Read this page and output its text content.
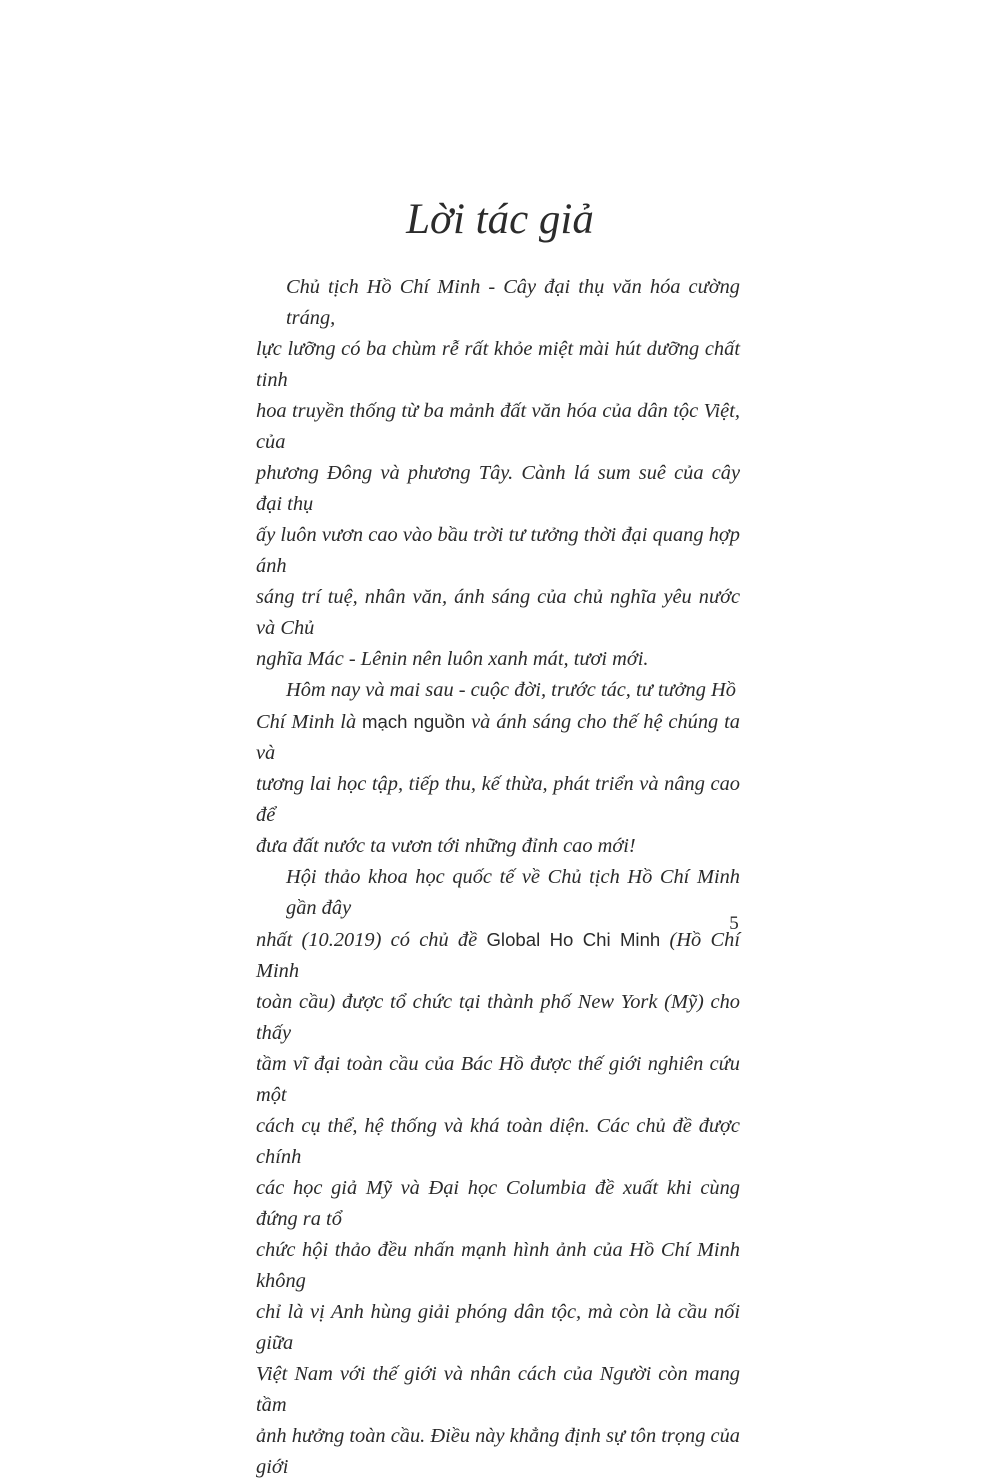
Lời tác giả

Chủ tịch Hồ Chí Minh - Cây đại thụ văn hóa cường tráng,
lực lưỡng có ba chùm rễ rất khỏe miệt mài hút dưỡng chất tinh
hoa truyền thống từ ba mảnh đất văn hóa của dân tộc Việt, của
phương Đông và phương Tây. Cành lá sum suê của cây đại thụ
ấy luôn vươn cao vào bầu trời tư tưởng thời đại quang hợp ánh
sáng trí tuệ, nhân văn, ánh sáng của chủ nghĩa yêu nước và Chủ
nghĩa Mác - Lênin nên luôn xanh mát, tươi mới.

Hôm nay và mai sau - cuộc đời, trước tác, tư tưởng Hồ
Chí Minh là mạch nguồn và ánh sáng cho thế hệ chúng ta và
tương lai học tập, tiếp thu, kế thừa, phát triển và nâng cao để
đưa đất nước ta vươn tới những đỉnh cao mới!

Hội thảo khoa học quốc tế về Chủ tịch Hồ Chí Minh gần đây
nhất (10.2019) có chủ đề Global Ho Chi Minh (Hồ Chí Minh
toàn cầu) được tổ chức tại thành phố New York (Mỹ) cho thấy
tầm vĩ đại toàn cầu của Bác Hồ được thế giới nghiên cứu một
cách cụ thể, hệ thống và khá toàn diện. Các chủ đề được chính
các học giả Mỹ và Đại học Columbia đề xuất khi cùng đứng ra tổ
chức hội thảo đều nhấn mạnh hình ảnh của Hồ Chí Minh không
chỉ là vị Anh hùng giải phóng dân tộc, mà còn là cầu nối giữa
Việt Nam với thế giới và nhân cách của Người còn mang tầm
ảnh hưởng toàn cầu. Điều này khẳng định sự tôn trọng của giới

5
